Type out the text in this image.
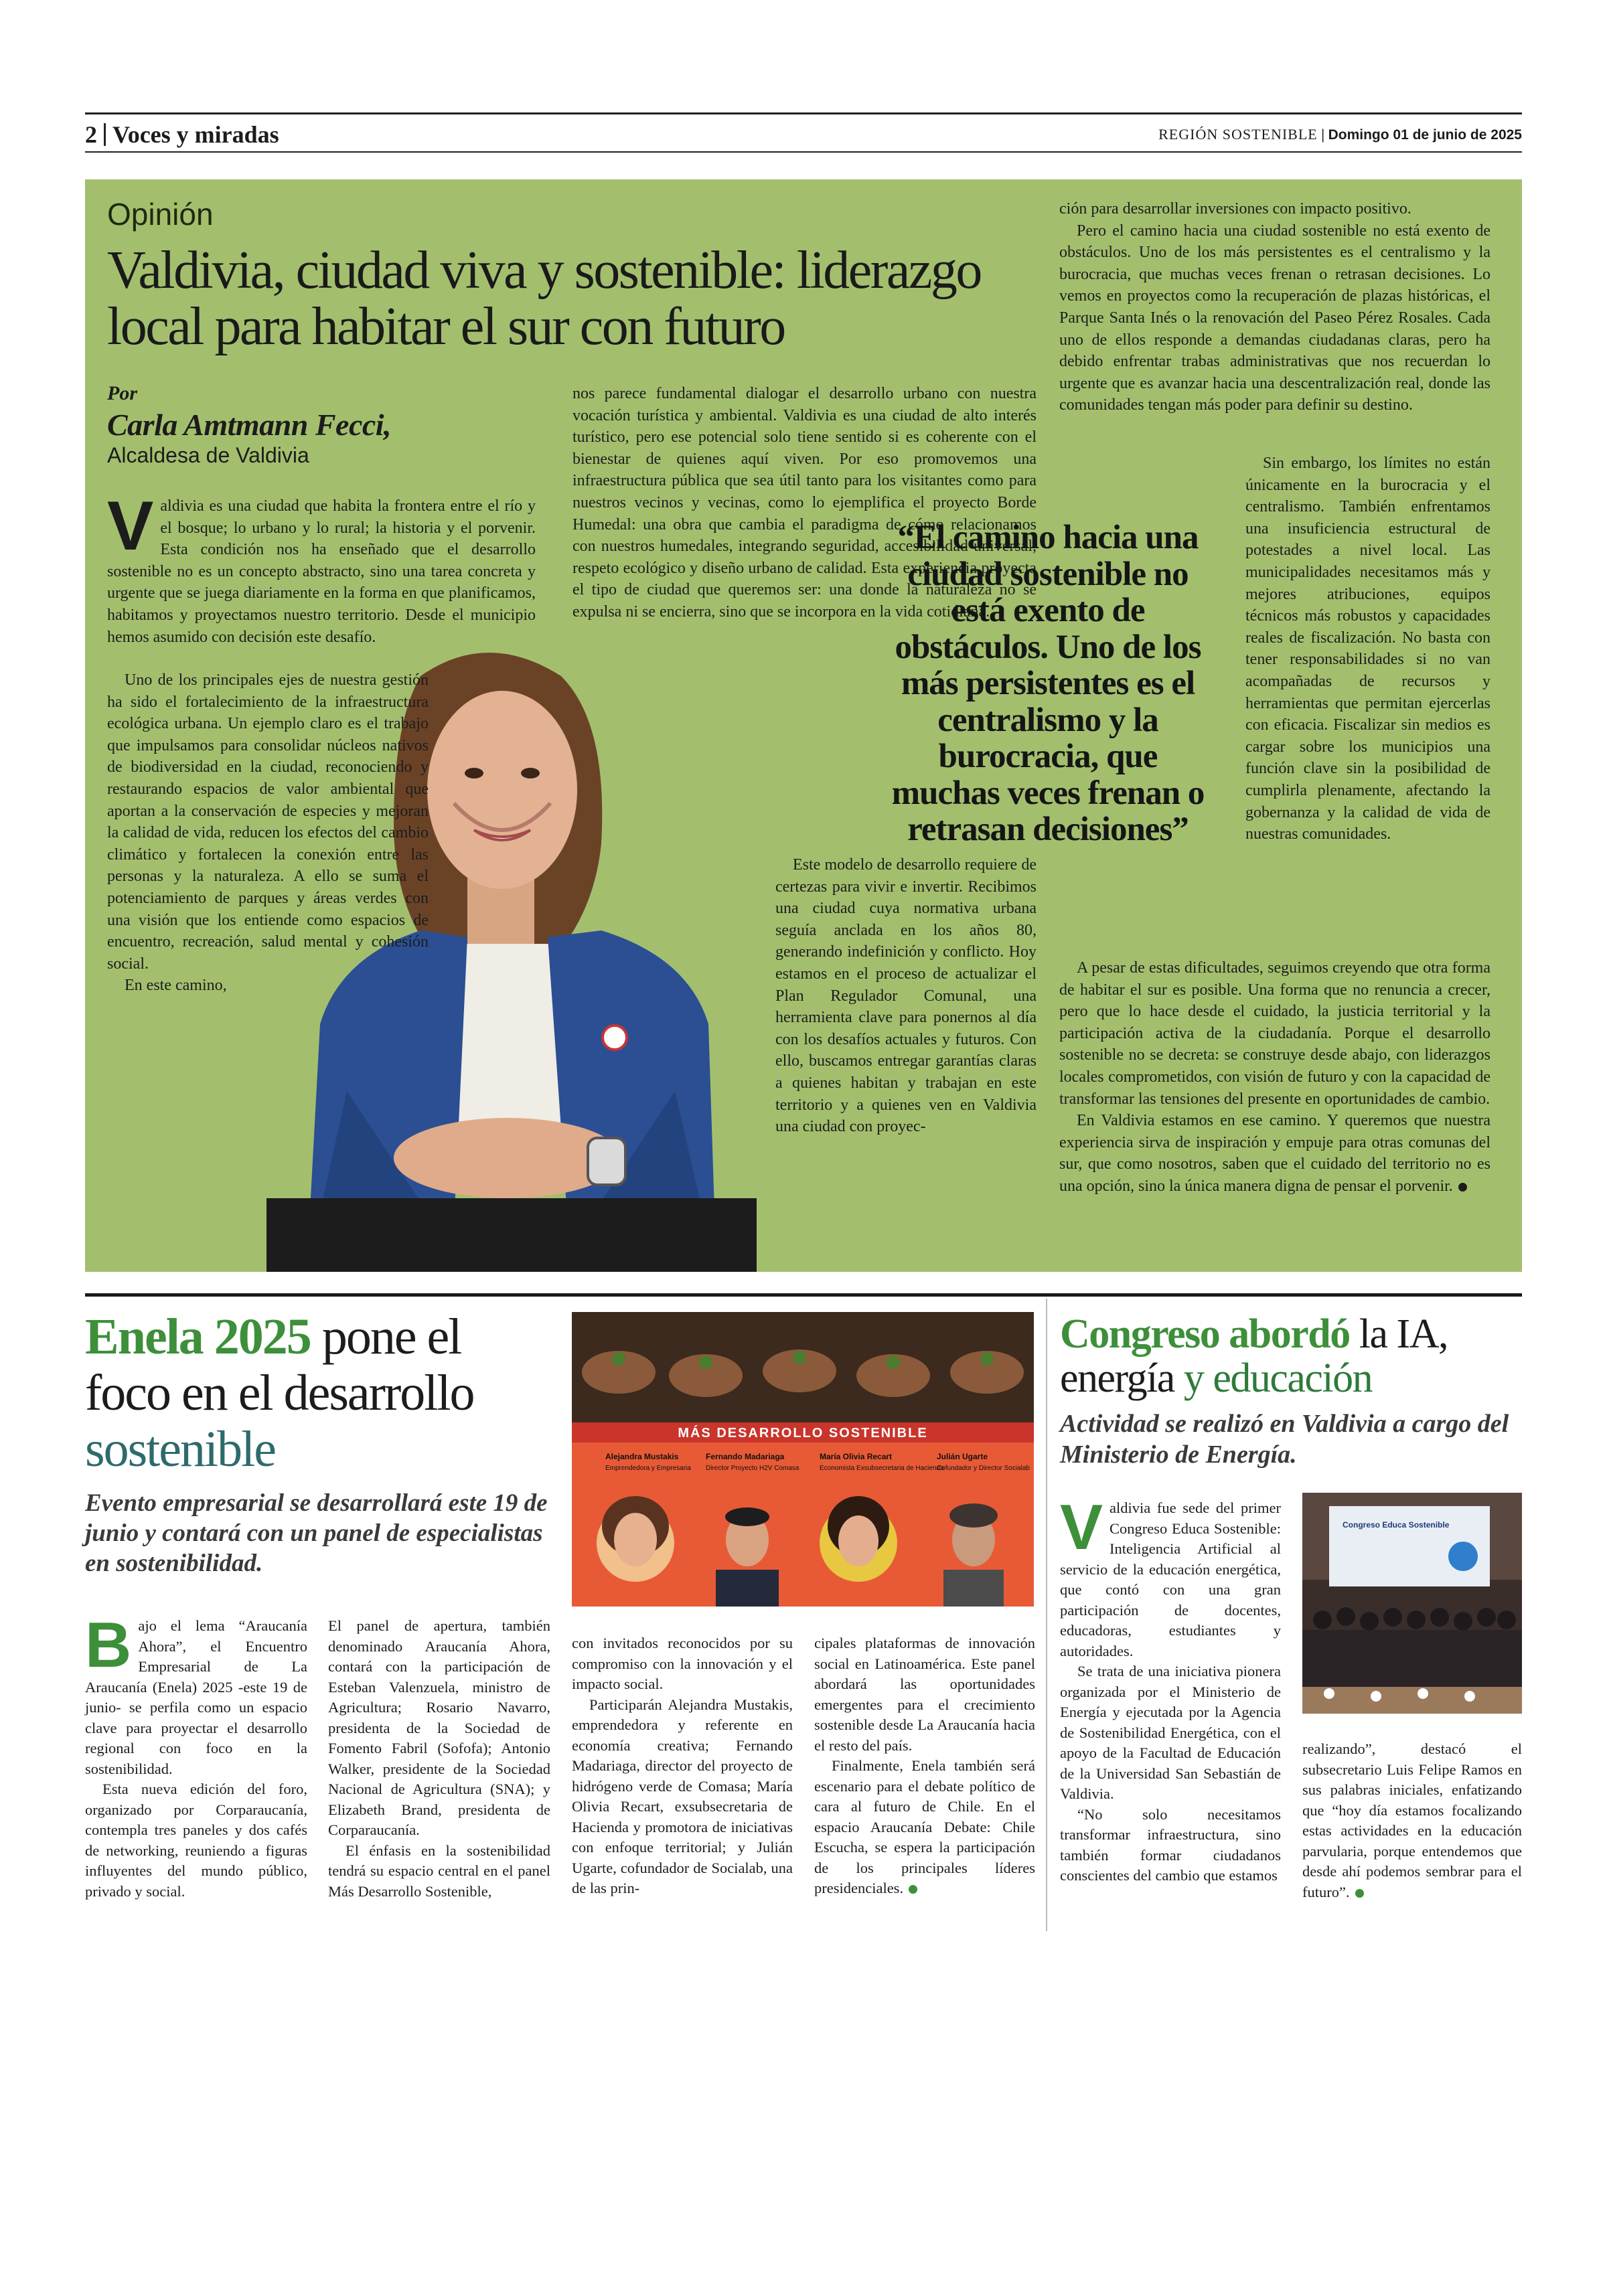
2 Voces y miradas	REGIÓN SOSTENIBLE | Domingo 01 de junio de 2025
Opinión
Valdivia, ciudad viva y sostenible: liderazgo local para habitar el sur con futuro
Por
Carla Amtmann Fecci,
Alcaldesa de Valdivia

Valdivia es una ciudad que habita la frontera entre el río y el bosque; lo urbano y lo rural; la historia y el porvenir. Esta condición nos ha enseñado que el desarrollo sostenible no es un concepto abstracto, sino una tarea concreta y urgente que se juega diariamente en la forma en que planificamos, habitamos y proyectamos nuestro territorio. Desde el municipio hemos asumido con decisión este desafío.

Uno de los principales ejes de nuestra gestión ha sido el fortalecimiento de la infraestructura ecológica urbana. Un ejemplo claro es el trabajo que impulsamos para consolidar núcleos nativos de biodiversidad en la ciudad, reconociendo y restaurando espacios de valor ambiental que aportan a la conservación de especies y mejoran la calidad de vida, reducen los efectos del cambio climático y fortalecen la conexión entre las personas y la naturaleza. A ello se suma el potenciamiento de parques y áreas verdes con una visión que los entiende como espacios de encuentro, recreación, salud mental y cohesión social.

En este camino,

nos parece fundamental dialogar el desarrollo urbano con nuestra vocación turística y ambiental. Valdivia es una ciudad de alto interés turístico, pero ese potencial solo tiene sentido si es coherente con el bienestar de quienes aquí viven. Por eso promovemos una infraestructura pública que sea útil tanto para los visitantes como para nuestros vecinos y vecinas, como lo ejemplifica el proyecto Borde Humedal: una obra que cambia el paradigma de cómo relacionamos con nuestros humedales, integrando seguridad, accesibilidad universal, respeto ecológico y diseño urbano de calidad. Esta experiencia proyecta el tipo de ciudad que queremos ser: una donde la naturaleza no se expulsa ni se encierra, sino que se incorpora en la vida cotidiana.

Este modelo de desarrollo requiere de certezas para vivir e invertir. Recibimos una ciudad cuya normativa urbana seguía anclada en los años 80, generando indefinición y conflicto. Hoy estamos en el proceso de actualizar el Plan Regulador Comunal, una herramienta clave para ponernos al día con los desafíos actuales y futuros. Con ello, buscamos entregar garantías claras a quienes habitan y trabajan en este territorio y a quienes ven en Valdivia una ciudad con proyec-

“El camino hacia una ciudad sostenible no está exento de obstáculos. Uno de los más persistentes es el centralismo y la burocracia, que muchas veces frenan o retrasan decisiones”

ción para desarrollar inversiones con impacto positivo.

Pero el camino hacia una ciudad sostenible no está exento de obstáculos. Uno de los más persistentes es el centralismo y la burocracia, que muchas veces frenan o retrasan decisiones. Lo vemos en proyectos como la recuperación de plazas históricas, el Parque Santa Inés o la renovación del Paseo Pérez Rosales. Cada uno de ellos responde a demandas ciudadanas claras, pero ha debido enfrentar trabas administrativas que nos recuerdan lo urgente que es avanzar hacia una descentralización real, donde las comunidades tengan más poder para definir su destino.

Sin embargo, los límites no están únicamente en la burocracia y el centralismo. También enfrentamos una insuficiencia estructural de potestades a nivel local. Las municipalidades necesitamos más y mejores atribuciones, equipos técnicos más robustos y capacidades reales de fiscalización. No basta con tener responsabilidades si no van acompañadas de recursos y herramientas que permitan ejercerlas con eficacia. Fiscalizar sin medios es cargar sobre los municipios una función clave sin la posibilidad de cumplirla plenamente, afectando la gobernanza y la calidad de vida de nuestras comunidades.

A pesar de estas dificultades, seguimos creyendo que otra forma de habitar el sur es posible. Una forma que no renuncia a crecer, pero que lo hace desde el cuidado, la justicia territorial y la participación activa de la ciudadanía. Porque el desarrollo sostenible no se decreta: se construye desde abajo, con liderazgos locales comprometidos, con visión de futuro y con la capacidad de transformar las tensiones del presente en oportunidades de cambio.

En Valdivia estamos en ese camino. Y queremos que nuestra experiencia sirva de inspiración y empuje para otras comunas del sur, que como nosotros, saben que el cuidado del territorio no es una opción, sino la única manera digna de pensar el porvenir.

Enela 2025 pone el foco en el desarrollo sostenible
Evento empresarial se desarrollará este 19 de junio y contará con un panel de especialistas en sostenibilidad.
MÁS DESARROLLO SOSTENIBLE
Alejandra Mustakis
Emprendedora y Empresaria
Fernando Madariaga
Director Proyecto H2V Comasa
María Olivia Recart
Economista Exsubsecretaria de Hacienda
Julián Ugarte
Cofundador y Director Socialab

Bajo el lema “Araucanía Ahora”, el Encuentro Empresarial de La Araucanía (Enela) 2025 -este 19 de junio- se perfila como un espacio clave para proyectar el desarrollo regional con foco en la sostenibilidad.

Esta nueva edición del foro, organizado por Corparaucanía, contempla tres paneles y dos cafés de networking, reuniendo a figuras influyentes del mundo público, privado y social.

El panel de apertura, también denominado Araucanía Ahora, contará con la participación de Esteban Valenzuela, ministro de Agricultura; Rosario Navarro, presidenta de la Sociedad de Fomento Fabril (Sofofa); Antonio Walker, presidente de la Sociedad Nacional de Agricultura (SNA); y Elizabeth Brand, presidenta de Corparaucanía.

El énfasis en la sostenibilidad tendrá su espacio central en el panel Más Desarrollo Sostenible,

con invitados reconocidos por su compromiso con la innovación y el impacto social.

Participarán Alejandra Mustakis, emprendedora y referente en economía creativa; Fernando Madariaga, director del proyecto de hidrógeno verde de Comasa; María Olivia Recart, exsubsecretaria de Hacienda y promotora de iniciativas con enfoque territorial; y Julián Ugarte, cofundador de Socialab, una de las prin-

cipales plataformas de innovación social en Latinoamérica. Este panel abordará las oportunidades emergentes para el crecimiento sostenible desde La Araucanía hacia el resto del país.

Finalmente, Enela también será escenario para el debate político de cara al futuro de Chile. En el espacio Araucanía Debate: Chile Escucha, se espera la participación de los principales líderes presidenciales.

Congreso abordó la IA, energía y educación
Actividad se realizó en Valdivia a cargo del Ministerio de Energía.

Valdivia fue sede del primer Congreso Educa Sostenible: Inteligencia Artificial al servicio de la educación energética, que contó con una gran participación de docentes, educadoras, estudiantes y autoridades.

Se trata de una iniciativa pionera organizada por el Ministerio de Energía y ejecutada por la Agencia de Sostenibilidad Energética, con el apoyo de la Facultad de Educación de la Universidad San Sebastián de Valdivia.

“No solo necesitamos transformar infraestructura, sino también formar ciudadanos conscientes del cambio que estamos

Congreso Educa Sostenible

realizando”, destacó el subsecretario Luis Felipe Ramos en sus palabras iniciales, enfatizando que “hoy día estamos focalizando estas actividades en la educación parvularia, porque entendemos que desde ahí podemos sembrar para el futuro”.
